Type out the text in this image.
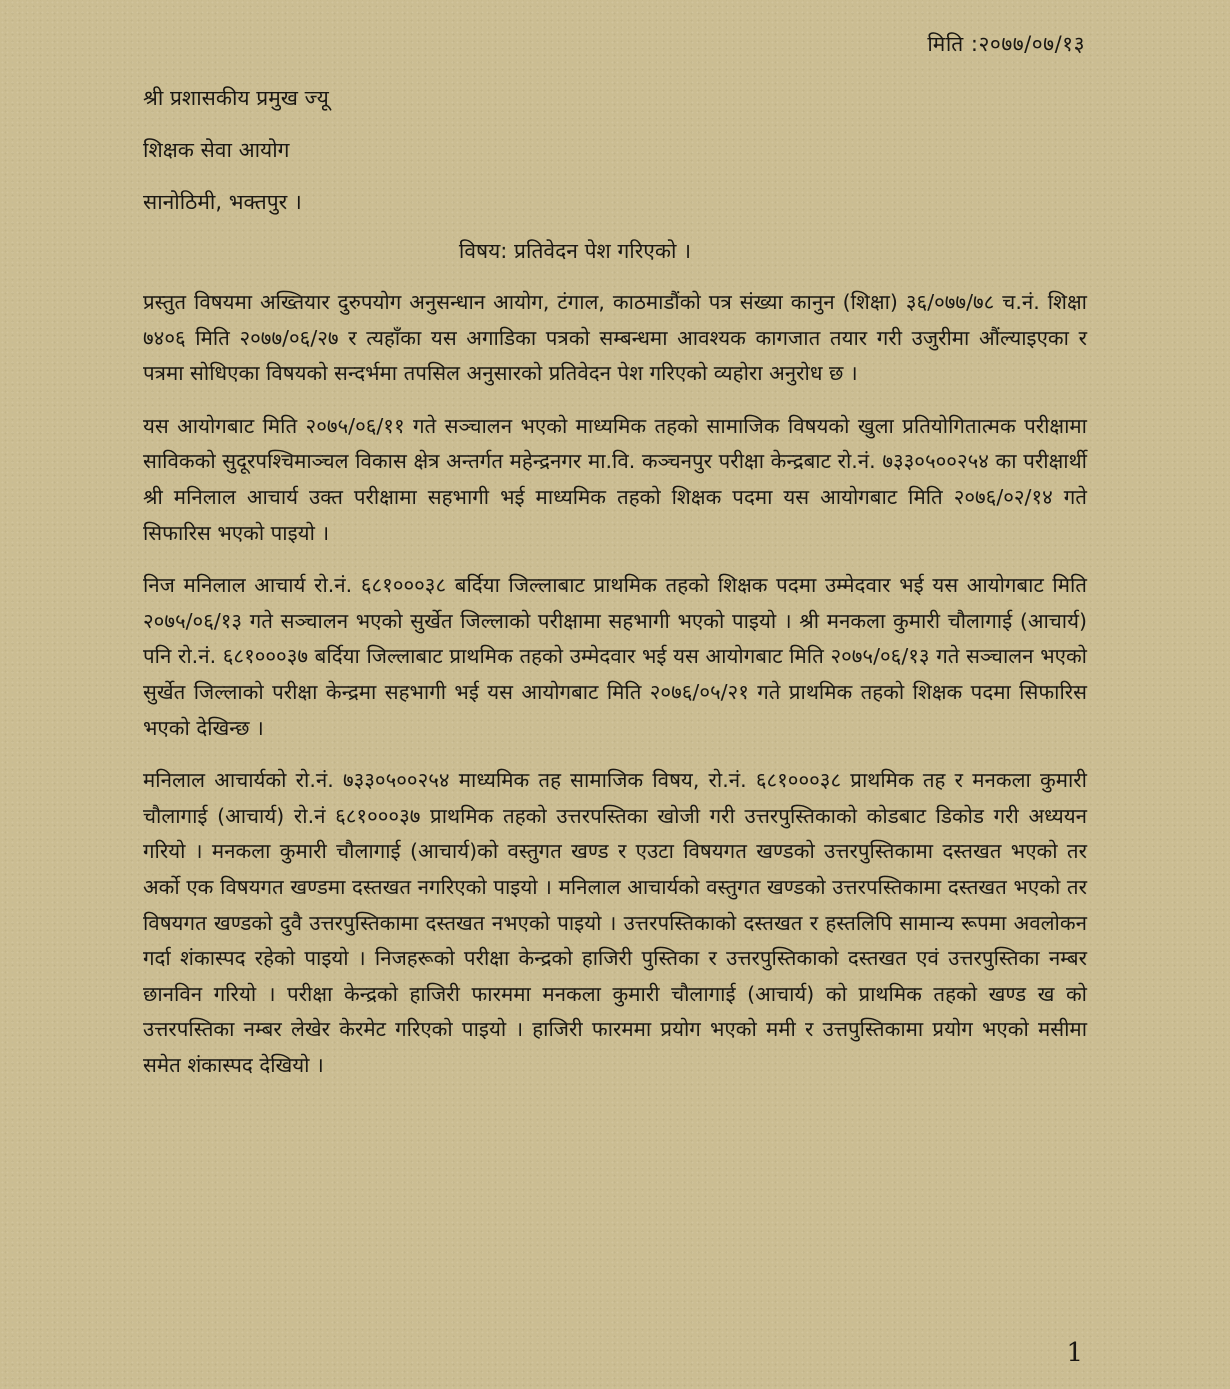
मिति :२०७७/०७/१३
श्री प्रशासकीय प्रमुख ज्यू
शिक्षक सेवा आयोग
सानोठिमी, भक्तपुर ।
विषय: प्रतिवेदन पेश गरिएको ।

प्रस्तुत विषयमा अख्तियार दुरुपयोग अनुसन्धान आयोग, टंगाल, काठमाडौंको पत्र संख्या कानुन (शिक्षा) ३६/०७७/७८ च.नं. शिक्षा ७४०६ मिति २०७७/०६/२७ र त्यहाँका यस अगाडिका पत्रको सम्बन्धमा आवश्यक कागजात तयार गरी उजुरीमा औंल्याइएका र पत्रमा सोधिएका विषयको सन्दर्भमा तपसिल अनुसारको प्रतिवेदन पेश गरिएको व्यहोरा अनुरोध छ ।

यस आयोगबाट मिति २०७५/०६/११ गते सञ्चालन भएको माध्यमिक तहको सामाजिक विषयको खुला प्रतियोगितात्मक परीक्षामा साविकको सुदूरपश्चिमाञ्चल विकास क्षेत्र अन्तर्गत महेन्द्रनगर मा.वि. कञ्चनपुर परीक्षा केन्द्रबाट रो.नं. ७३३०५००२५४ का परीक्षार्थी श्री मनिलाल आचार्य उक्त परीक्षामा सहभागी भई माध्यमिक तहको शिक्षक पदमा यस आयोगबाट मिति २०७६/०२/१४ गते सिफारिस भएको पाइयो ।

निज मनिलाल आचार्य रो.नं. ६८१०००३८ बर्दिया जिल्लाबाट प्राथमिक तहको शिक्षक पदमा उम्मेदवार भई यस आयोगबाट मिति २०७५/०६/१३ गते सञ्चालन भएको सुर्खेत जिल्लाको परीक्षामा सहभागी भएको पाइयो । श्री मनकला कुमारी चौलागाई (आचार्य) पनि रो.नं. ६८१०००३७ बर्दिया जिल्लाबाट प्राथमिक तहको उम्मेदवार भई यस आयोगबाट मिति २०७५/०६/१३ गते सञ्चालन भएको सुर्खेत जिल्लाको परीक्षा केन्द्रमा सहभागी भई यस आयोगबाट मिति २०७६/०५/२१ गते प्राथमिक तहको शिक्षक पदमा सिफारिस भएको देखिन्छ ।

मनिलाल आचार्यको रो.नं. ७३३०५००२५४ माध्यमिक तह सामाजिक विषय, रो.नं. ६८१०००३८ प्राथमिक तह र मनकला कुमारी चौलागाई (आचार्य) रो.नं ६८१०००३७ प्राथमिक तहको उत्तरपस्तिका खोजी गरी उत्तरपुस्तिकाको कोडबाट डिकोड गरी अध्ययन गरियो । मनकला कुमारी चौलागाई (आचार्य)को वस्तुगत खण्ड र एउटा विषयगत खण्डको उत्तरपुस्तिकामा दस्तखत भएको तर अर्को एक विषयगत खण्डमा दस्तखत नगरिएको पाइयो । मनिलाल आचार्यको वस्तुगत खण्डको उत्तरपस्तिकामा दस्तखत भएको तर विषयगत खण्डको दुवै उत्तरपुस्तिकामा दस्तखत नभएको पाइयो । उत्तरपस्तिकाको दस्तखत र हस्तलिपि सामान्य रूपमा अवलोकन गर्दा शंकास्पद रहेको पाइयो । निजहरूको परीक्षा केन्द्रको हाजिरी पुस्तिका र उत्तरपुस्तिकाको दस्तखत एवं उत्तरपुस्तिका नम्बर छानविन गरियो । परीक्षा केन्द्रको हाजिरी फारममा मनकला कुमारी चौलागाई (आचार्य) को प्राथमिक तहको खण्ड ख को उत्तरपस्तिका नम्बर लेखेर केरमेट गरिएको पाइयो । हाजिरी फारममा प्रयोग भएको ममी र उत्तपुस्तिकामा प्रयोग भएको मसीमा समेत शंकास्पद देखियो ।

1
